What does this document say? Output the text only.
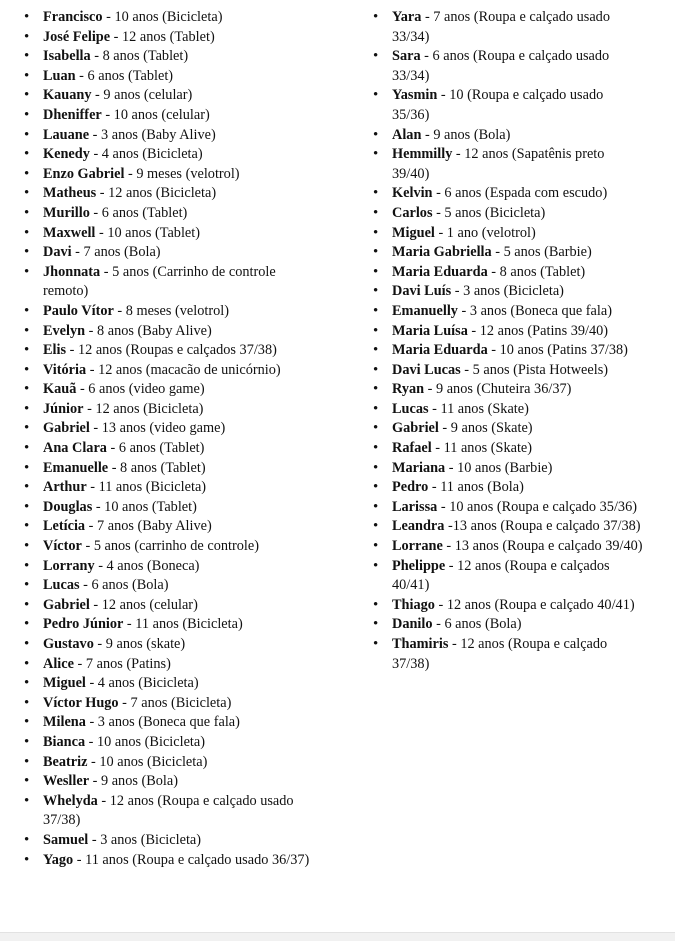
• Francisco - 10 anos (Bicicleta)
• José Felipe - 12 anos (Tablet)
• Isabella - 8 anos (Tablet)
• Luan - 6 anos (Tablet)
• Kauany - 9 anos (celular)
• Dheniffer - 10 anos (celular)
• Lauane - 3 anos (Baby Alive)
• Kenedy - 4 anos (Bicicleta)
• Enzo Gabriel - 9 meses (velotrol)
• Matheus - 12 anos (Bicicleta)
• Murillo - 6 anos (Tablet)
• Maxwell - 10 anos (Tablet)
• Davi - 7 anos (Bola)
• Jhonnata - 5 anos (Carrinho de controle remoto)
• Paulo Vítor - 8 meses (velotrol)
• Evelyn - 8 anos (Baby Alive)
• Elis - 12 anos (Roupas e calçados 37/38)
• Vitória - 12 anos (macacão de unicórnio)
• Kauã - 6 anos (video game)
• Júnior - 12 anos (Bicicleta)
• Gabriel - 13 anos (video game)
• Ana Clara - 6 anos (Tablet)
• Emanuelle - 8 anos (Tablet)
• Arthur - 11 anos (Bicicleta)
• Douglas - 10 anos (Tablet)
• Letícia - 7 anos (Baby Alive)
• Víctor - 5 anos (carrinho de controle)
• Lorrany - 4 anos (Boneca)
• Lucas - 6 anos (Bola)
• Gabriel - 12 anos (celular)
• Pedro Júnior - 11 anos (Bicicleta)
• Gustavo - 9 anos (skate)
• Alice - 7 anos (Patins)
• Miguel - 4 anos (Bicicleta)
• Víctor Hugo - 7 anos (Bicicleta)
• Milena - 3 anos (Boneca que fala)
• Bianca - 10 anos (Bicicleta)
• Beatriz - 10 anos (Bicicleta)
• Wesller - 9 anos (Bola)
• Whelyda - 12 anos (Roupa e calçado usado 37/38)
• Samuel - 3 anos (Bicicleta)
• Yago - 11 anos (Roupa e calçado usado 36/37)
• Yara - 7 anos (Roupa e calçado usado 33/34)
• Sara - 6 anos (Roupa e calçado usado 33/34)
• Yasmin - 10 (Roupa e calçado usado 35/36)
• Alan - 9 anos (Bola)
• Hemmilly - 12 anos (Sapatênis preto 39/40)
• Kelvin - 6 anos (Espada com escudo)
• Carlos - 5 anos (Bicicleta)
• Miguel - 1 ano (velotrol)
• Maria Gabriella - 5 anos (Barbie)
• Maria Eduarda - 8 anos (Tablet)
• Davi Luís - 3 anos (Bicicleta)
• Emanuelly - 3 anos (Boneca que fala)
• Maria Luísa - 12 anos (Patins 39/40)
• Maria Eduarda - 10 anos (Patins 37/38)
• Davi Lucas - 5 anos (Pista Hotweels)
• Ryan - 9 anos (Chuteira 36/37)
• Lucas - 11 anos (Skate)
• Gabriel - 9 anos (Skate)
• Rafael - 11 anos (Skate)
• Mariana - 10 anos (Barbie)
• Pedro - 11 anos (Bola)
• Larissa - 10 anos (Roupa e calçado 35/36)
• Leandra -13 anos (Roupa e calçado 37/38)
• Lorrane - 13 anos (Roupa e calçado 39/40)
• Phelippe - 12 anos (Roupa e calçados 40/41)
• Thiago - 12 anos (Roupa e calçado 40/41)
• Danilo - 6 anos (Bola)
• Thamiris - 12 anos (Roupa e calçado 37/38)
